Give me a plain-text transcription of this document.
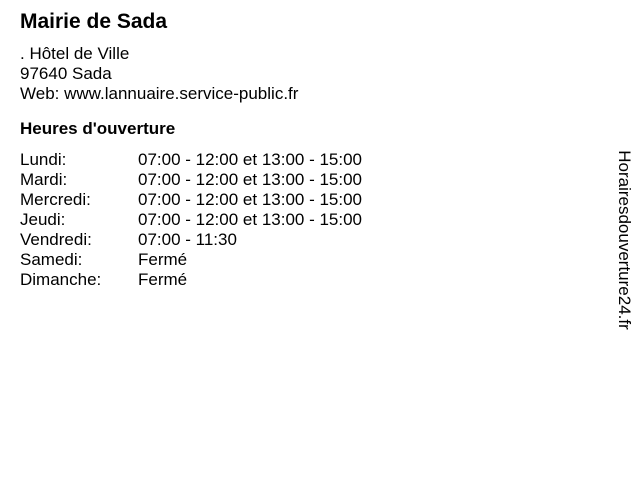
Mairie de Sada
. Hôtel de Ville
97640 Sada
Web: www.lannuaire.service-public.fr
Heures d'ouverture
Lundi:	07:00 - 12:00 et 13:00 - 15:00
Mardi:	07:00 - 12:00 et 13:00 - 15:00
Mercredi:	07:00 - 12:00 et 13:00 - 15:00
Jeudi:	07:00 - 12:00 et 13:00 - 15:00
Vendredi:	07:00 - 11:30
Samedi:	Fermé
Dimanche: Fermé	Horairesdouverture24.fr
